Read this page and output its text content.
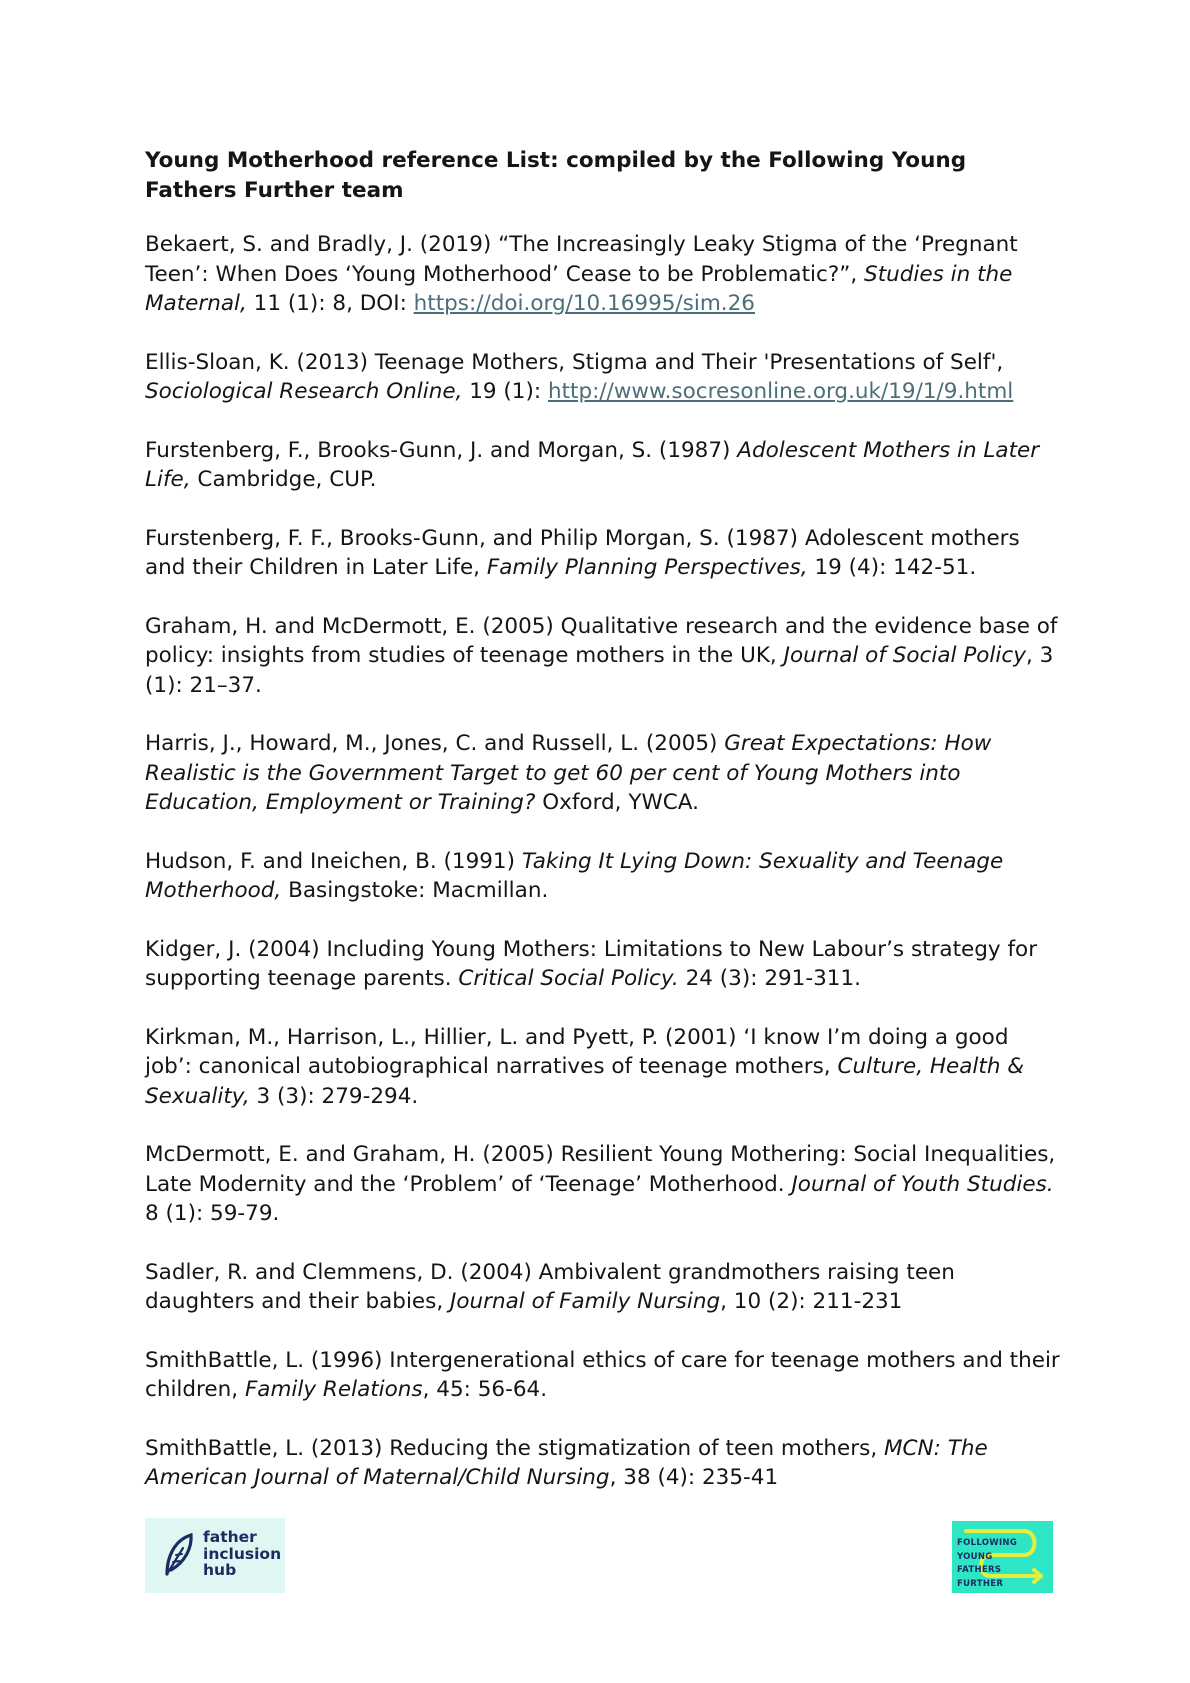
Young Motherhood reference List: compiled by the Following Young Fathers Further team

Bekaert, S. and Bradly, J. (2019) “The Increasingly Leaky Stigma of the ‘Pregnant Teen’: When Does ‘Young Motherhood’ Cease to be Problematic?”, Studies in the Maternal, 11 (1): 8, DOI: https://doi.org/10.16995/sim.26

Ellis-Sloan, K. (2013) Teenage Mothers, Stigma and Their 'Presentations of Self', Sociological Research Online, 19 (1): http://www.socresonline.org.uk/19/1/9.html

Furstenberg, F., Brooks-Gunn, J. and Morgan, S. (1987) Adolescent Mothers in Later Life, Cambridge, CUP.

Furstenberg, F. F., Brooks-Gunn, and Philip Morgan, S. (1987) Adolescent mothers and their Children in Later Life, Family Planning Perspectives, 19 (4): 142-51.

Graham, H. and McDermott, E. (2005) Qualitative research and the evidence base of policy: insights from studies of teenage mothers in the UK, Journal of Social Policy, 3 (1): 21–37.

Harris, J., Howard, M., Jones, C. and Russell, L. (2005) Great Expectations: How Realistic is the Government Target to get 60 per cent of Young Mothers into Education, Employment or Training? Oxford, YWCA.

Hudson, F. and Ineichen, B. (1991) Taking It Lying Down: Sexuality and Teenage Motherhood, Basingstoke: Macmillan.

Kidger, J. (2004) Including Young Mothers: Limitations to New Labour’s strategy for supporting teenage parents. Critical Social Policy. 24 (3): 291-311.

Kirkman, M., Harrison, L., Hillier, L. and Pyett, P. (2001) ‘I know I’m doing a good job’: canonical autobiographical narratives of teenage mothers, Culture, Health & Sexuality, 3 (3): 279-294.

McDermott, E. and Graham, H. (2005) Resilient Young Mothering: Social Inequalities, Late Modernity and the ‘Problem’ of ‘Teenage’ Motherhood. Journal of Youth Studies. 8 (1): 59-79.

Sadler, R. and Clemmens, D. (2004) Ambivalent grandmothers raising teen daughters and their babies, Journal of Family Nursing, 10 (2): 211-231

SmithBattle, L. (1996) Intergenerational ethics of care for teenage mothers and their children, Family Relations, 45: 56-64.

SmithBattle, L. (2013) Reducing the stigmatization of teen mothers, MCN: The American Journal of Maternal/Child Nursing, 38 (4): 235-41

father
inclusion
hub
FOLLOWING
YOUNG
FATHERS
FURTHER
